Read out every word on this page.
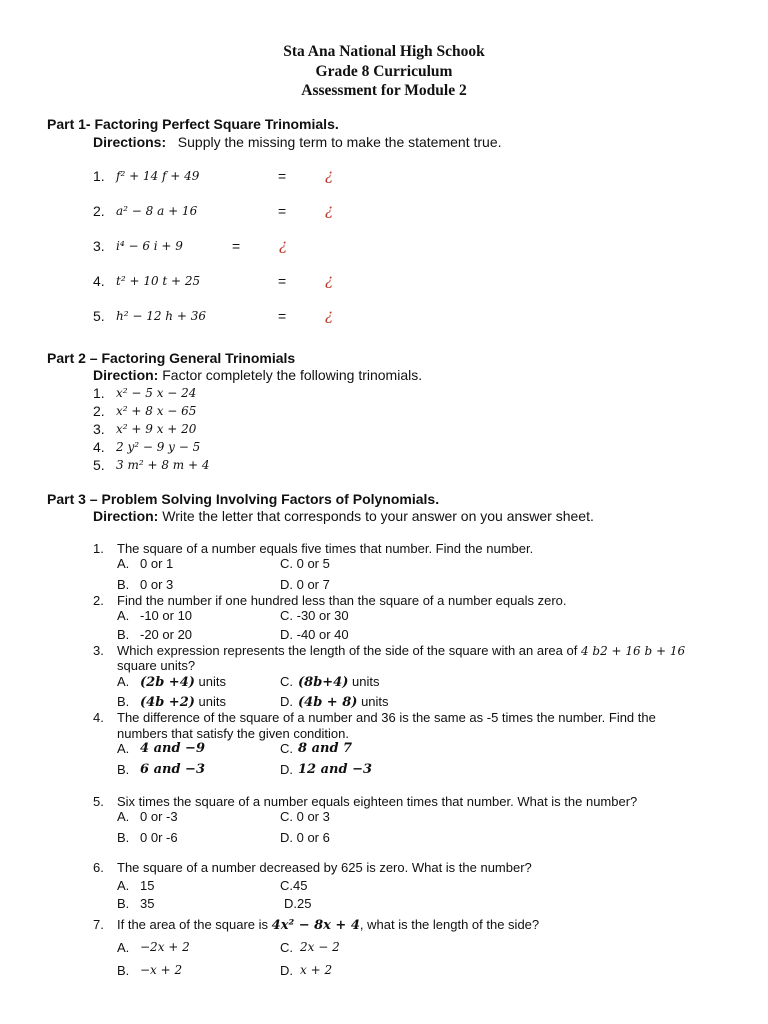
Sta Ana National High Schook
Grade 8 Curriculum
Assessment for Module 2
Part 1- Factoring Perfect Square Trinomials.
Directions: Supply the missing term to make the statement true.
1. f² + 14 f + 49	=	¿
2. a² − 8 a + 16	=	¿
3. i⁴ − 6 i + 9	=	¿
4. t² + 10 t + 25	=	¿
5. h² − 12 h + 36	=	¿
Part 2 – Factoring General Trinomials
Direction: Factor completely the following trinomials.
1. x² − 5 x − 24
2. x² + 8 x − 65
3. x² + 9 x + 20
4. 2 y² − 9 y − 5
5. 3 m² + 8 m + 4
Part 3 – Problem Solving Involving Factors of Polynomials.
Direction: Write the letter that corresponds to your answer on you answer sheet.
1. The square of a number equals five times that number. Find the number.
A. 0 or 1	C. 0 or 5
B. 0 or 3	D. 0 or 7
2. Find the number if one hundred less than the square of a number equals zero.
A. -10 or 10	C. -30 or 30
B. -20 or 20	D. -40 or 40
3. Which expression represents the length of the side of the square with an area of 4 b2 + 16 b + 16
square units?
A. (2b +4) units	C. (8b+4) units
B. (4b +2) units	D. (4b + 8) units
4. The difference of the square of a number and 36 is the same as -5 times the number. Find the
numbers that satisfy the given condition.
A. 4 and −9	C. 8 and 7
B. 6 and −3	D. 12 and −3
5. Six times the square of a number equals eighteen times that number. What is the number?
A. 0 or -3	C. 0 or 3
B. 0 0r -6	D. 0 or 6
6. The square of a number decreased by 625 is zero. What is the number?
A. 15	C.45
B. 35	D.25
7. If the area of the square is 4x² − 8x + 4, what is the length of the side?
A. −2x + 2	C. 2x − 2
B. −x + 2	D. x + 2
